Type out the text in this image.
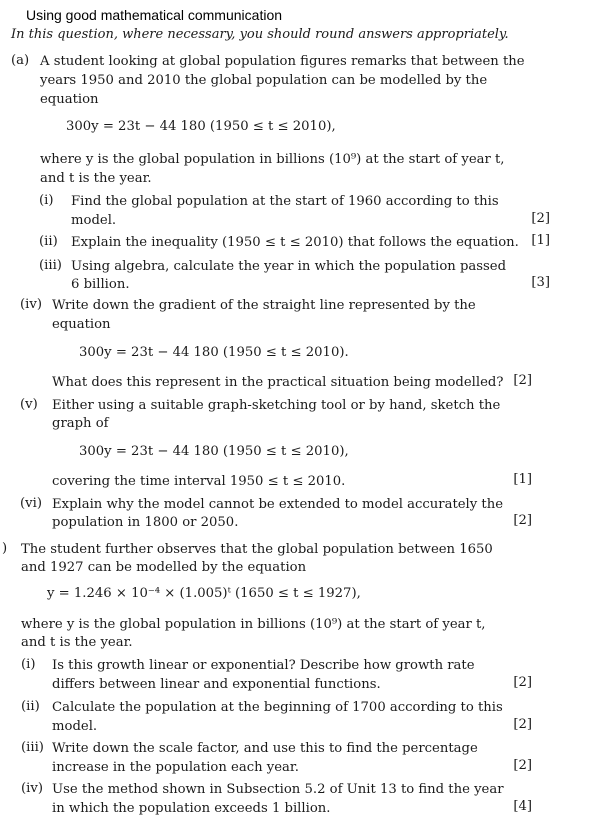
Using good mathematical communication
In this question, where necessary, you should round answers appropriately.
(a) A student looking at global population figures remarks that between the
years 1950 and 2010 the global population can be modelled by the
equation
300y = 23t − 44 180 (1950 ≤ t ≤ 2010),
where y is the global population in billions (10⁹) at the start of year t,
and t is the year.
(i) Find the global population at the start of 1960 according to this
model.	[2]
(ii) Explain the inequality (1950 ≤ t ≤ 2010) that follows the equation. [1]
(iii) Using algebra, calculate the year in which the population passed
6 billion.	[3]
(iv) Write down the gradient of the straight line represented by the
equation
300y = 23t − 44 180 (1950 ≤ t ≤ 2010).
What does this represent in the practical situation being modelled? [2]
(v) Either using a suitable graph-sketching tool or by hand, sketch the
graph of
300y = 23t − 44 180 (1950 ≤ t ≤ 2010),
covering the time interval 1950 ≤ t ≤ 2010.	[1]
(vi) Explain why the model cannot be extended to model accurately the
population in 1800 or 2050.	[2]
) The student further observes that the global population between 1650
and 1927 can be modelled by the equation
y = 1.246 × 10⁻⁴ × (1.005)ᵗ (1650 ≤ t ≤ 1927),
where y is the global population in billions (10⁹) at the start of year t,
and t is the year.
(i) Is this growth linear or exponential? Describe how growth rate
differs between linear and exponential functions.	[2]
(ii) Calculate the population at the beginning of 1700 according to this
model.	[2]
(iii) Write down the scale factor, and use this to find the percentage
increase in the population each year.	[2]
(iv) Use the method shown in Subsection 5.2 of Unit 13 to find the year
in which the population exceeds 1 billion.	[4]
